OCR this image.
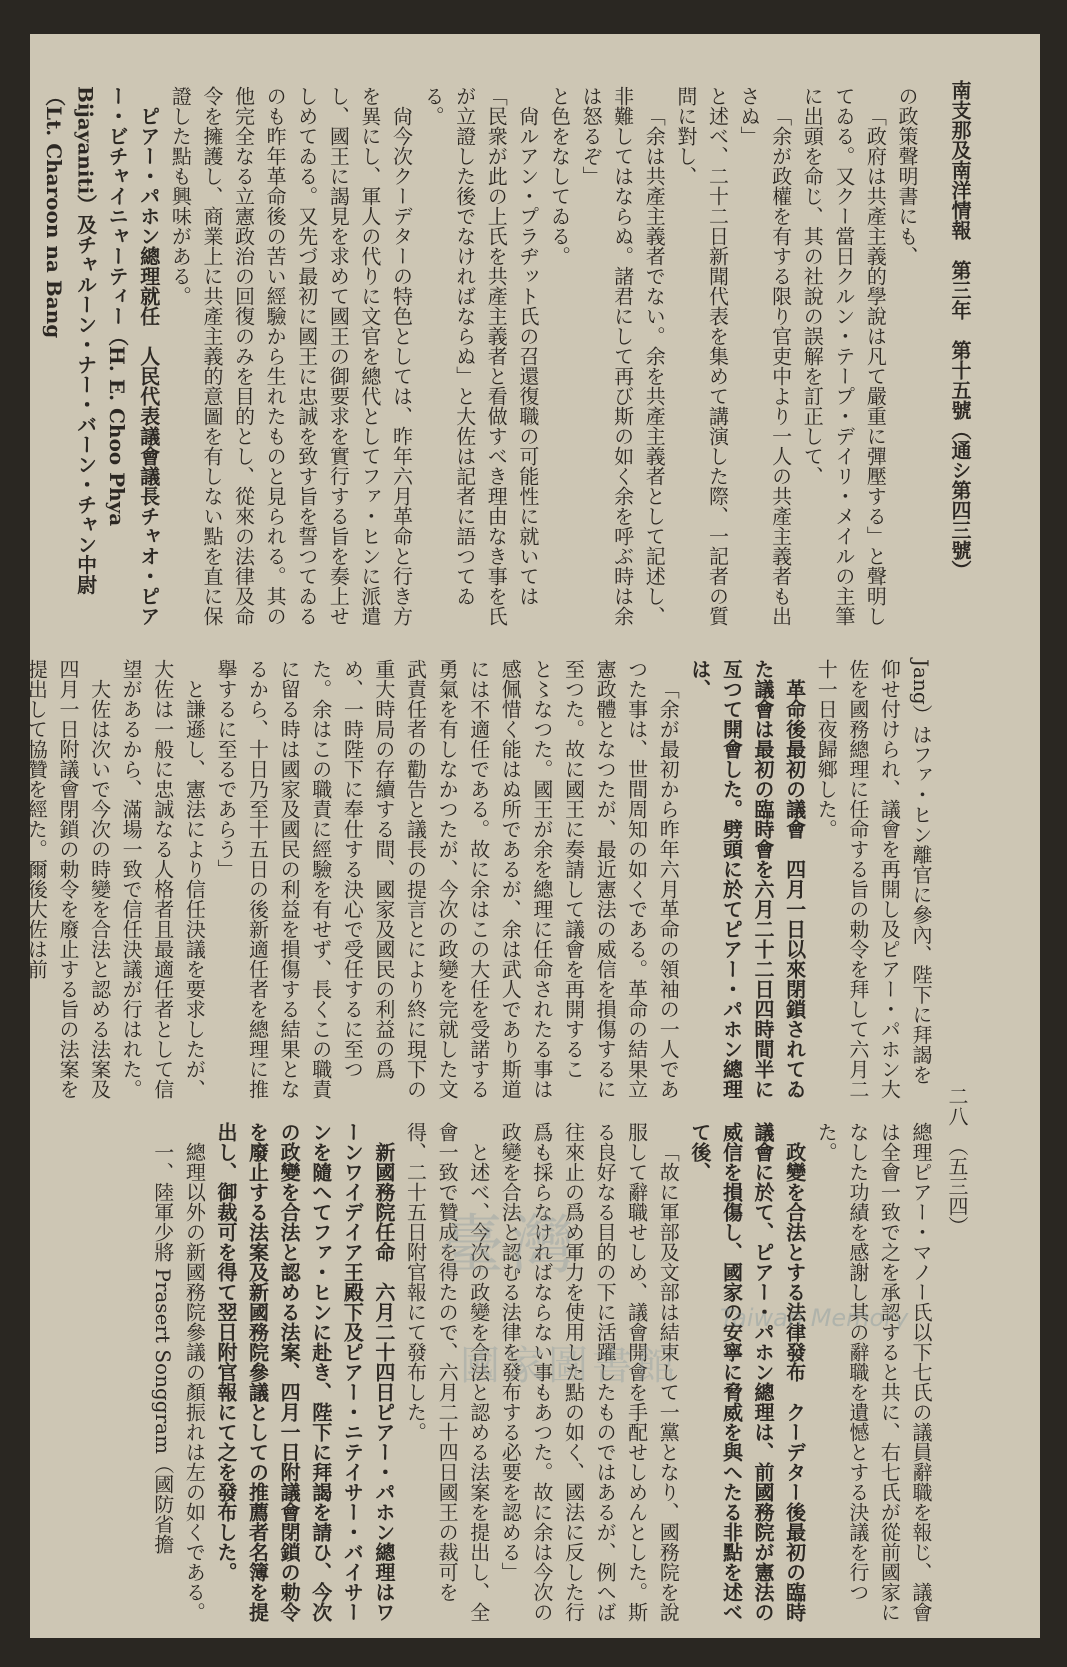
南支那及南洋情報　第三年　第十五號（通シ第四三號）
二八　（五三四）

の政策聲明書にも、

「政府は共產主義的學說は凡て嚴重に彈壓する」と聲明してゐる。又クー當日クルン・テープ・デイリ・メイルの主筆に出頭を命じ、其の社說の誤解を訂正して、

「余が政權を有する限り官吏中より一人の共產主義者も出さぬ」

と述べ、二十二日新聞代表を集めて講演した際、一記者の質問に對し、

「余は共產主義者でない。余を共產主義者として記述し、非難してはならぬ。諸君にして再び斯の如く余を呼ぶ時は余は怒るぞ」

と色をなしてゐる。

尙ルアン・プラヂット氏の召還復職の可能性に就いては「民衆が此の上氏を共產主義者と看做すべき理由なき事を氏が立證した後でなければならぬ」と大佐は記者に語つてゐる。

尙今次クーデターの特色としては、昨年六月革命と行き方を異にし、軍人の代りに文官を總代としてファ・ヒンに派遣し、國王に謁見を求めて國王の御要求を實行する旨を奏上せしめてゐる。又先づ最初に國王に忠誠を致す旨を誓つてゐるのも昨年革命後の苦い經驗から生れたものと見られる。其の他完全なる立憲政治の回復のみを目的とし、從來の法律及命令を擁護し、商業上に共產主義的意圖を有しない點を直に保證した點も興味がある。

ピアー・パホン總理就任　人民代表議會議長チャオ・ピアー・ビチャイニャーティー（H. E. Choo Phya Bijayaniti）及チャルーン・ナー・バーン・チャン中尉（Lt. Charoon na Bang

Jang）はファ・ヒン離官に參內、陛下に拜謁を仰せ付けられ、議會を再開し及ピアー・パホン大佐を國務總理に任命する旨の勅令を拜して六月二十一日夜歸鄉した。

革命後最初の議會　四月一日以來閉鎖されてゐた議會は最初の臨時會を六月二十二日四時間半に亙つて開會した。劈頭に於てピアー・パホン總理は、

「余が最初から昨年六月革命の領袖の一人であつた事は、世間周知の如くである。革命の結果立憲政體となつたが、最近憲法の威信を損傷するに至つた。故に國王に奏請して議會を再開すること〻なつた。國王が余を總理に任命されたる事は感佩惜く能はぬ所であるが、余は武人であり斯道には不適任である。故に余はこの大任を受諾する勇氣を有しなかつたが、今次の政變を完就した文武責任者の勸告と議長の提言とにより終に現下の重大時局の存續する間、國家及國民の利益の爲め、一時陛下に奉仕する決心で受任するに至つた。余はこの職責に經驗を有せず、長くこの職責に留る時は國家及國民の利益を損傷する結果となるから、十日乃至十五日の後新適任者を總理に推擧するに至るであらう」

と謙遜し、憲法により信任決議を要求したが、大佐は一般に忠誠なる人格者且最適任者として信望があるから、滿場一致で信任決議が行はれた。

大佐は次いで今次の時變を合法と認める法案及四月一日附議會閉鎖の勅令を廢止する旨の法案を提出して協贊を經た。爾後大佐は前

總理ピアー・マノー氏以下七氏の議員辭職を報じ、議會は全會一致で之を承認すると共に、右七氏が從前國家になした功績を感謝し其の辭職を遺憾とする決議を行つた。

政變を合法とする法律發布　クーデター後最初の臨時議會に於て、ピアー・パホン總理は、前國務院が憲法の威信を損傷し、國家の安寧に脅威を與へたる非點を述べて後、

「故に軍部及文部は結束して一黨となり、國務院を說服して辭職せしめ、議會開會を手配せしめんとした。斯る良好なる目的の下に活躍したものではあるが、例へば往來止の爲め軍力を使用した點の如く、國法に反した行爲も採らなければならない事もあつた。故に余は今次の政變を合法と認むる法律を發布する必要を認める」

と述べ、今次の政變を合法と認める法案を提出し、全會一致で贊成を得たので、六月二十四日國王の裁可を得、二十五日附官報にて發布した。

新國務院任命　六月二十四日ピアー・パホン總理はワーンワイデイア王殿下及ピアー・ニテイサー・バイサーンを隨へてファ・ヒンに赴き、陛下に拜謁を請ひ、今次の政變を合法と認める法案、四月一日附議會閉鎖の勅令を廢止する法案及新國務院參議としての推薦者名簿を提出し、御裁可を得て翌日附官報にて之を發布した。

總理以外の新國務院參議の顏振れは左の如くである。

一、陸軍少將 Prasert Songgram（國防省擔	臺灣
Taiwan Memory
國家圖書館
